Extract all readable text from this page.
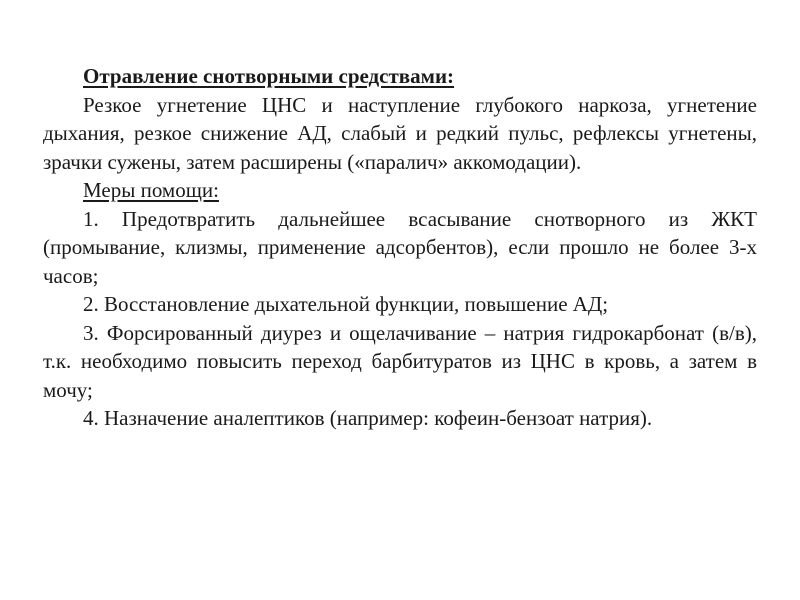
Отравление снотворными средствами:

Резкое угнетение ЦНС и наступление глубокого наркоза, угнетение дыхания, резкое снижение АД, слабый и редкий пульс, рефлексы угнетены, зрачки сужены, затем расширены («паралич» аккомодации).

Меры помощи:

1. Предотвратить дальнейшее всасывание снотворного из ЖКТ (промывание, клизмы, применение адсорбентов), если прошло не более 3-х часов;

2. Восстановление дыхательной функции, повышение АД;

3. Форсированный диурез и ощелачивание – натрия гидрокарбонат (в/в), т.к. необходимо повысить переход барбитуратов из ЦНС в кровь, а затем в мочу;

4. Назначение аналептиков (например: кофеин-бензоат натрия).
